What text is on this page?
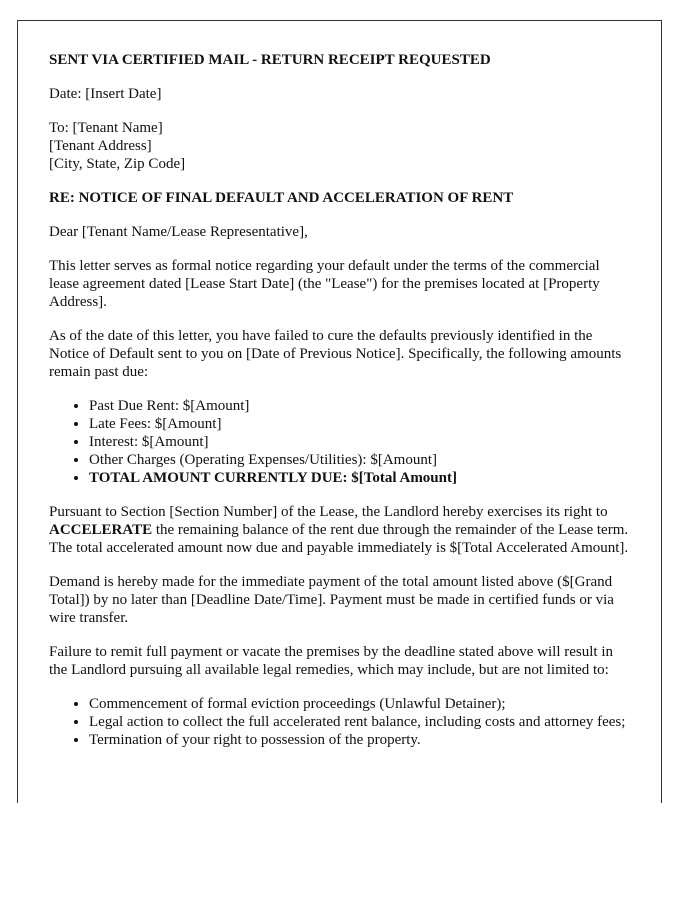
SENT VIA CERTIFIED MAIL - RETURN RECEIPT REQUESTED

Date: [Insert Date]

To: [Tenant Name]
[Tenant Address]
[City, State, Zip Code]

RE: NOTICE OF FINAL DEFAULT AND ACCELERATION OF RENT

Dear [Tenant Name/Lease Representative],

This letter serves as formal notice regarding your default under the terms of the commercial lease agreement dated [Lease Start Date] (the "Lease") for the premises located at [Property Address].

As of the date of this letter, you have failed to cure the defaults previously identified in the Notice of Default sent to you on [Date of Previous Notice]. Specifically, the following amounts remain past due:

• Past Due Rent: $[Amount]
• Late Fees: $[Amount]
• Interest: $[Amount]
• Other Charges (Operating Expenses/Utilities): $[Amount]
• TOTAL AMOUNT CURRENTLY DUE: $[Total Amount]

Pursuant to Section [Section Number] of the Lease, the Landlord hereby exercises its right to ACCELERATE the remaining balance of the rent due through the remainder of the Lease term. The total accelerated amount now due and payable immediately is $[Total Accelerated Amount].

Demand is hereby made for the immediate payment of the total amount listed above ($[Grand Total]) by no later than [Deadline Date/Time]. Payment must be made in certified funds or via wire transfer.

Failure to remit full payment or vacate the premises by the deadline stated above will result in the Landlord pursuing all available legal remedies, which may include, but are not limited to:

• Commencement of formal eviction proceedings (Unlawful Detainer);
• Legal action to collect the full accelerated rent balance, including costs and attorney fees;
• Termination of your right to possession of the property.
